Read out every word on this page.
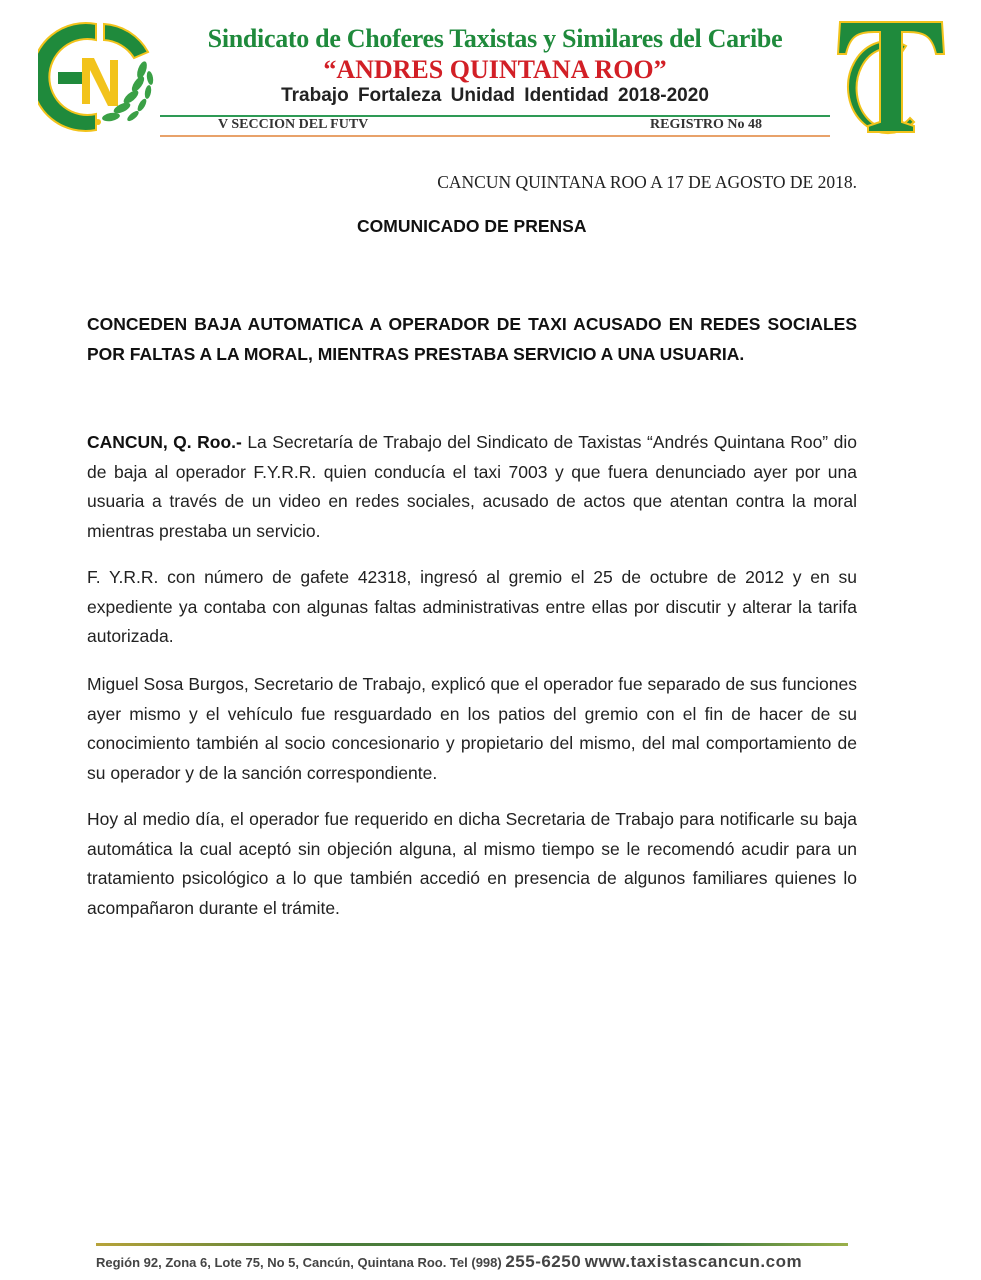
Sindicato de Choferes Taxistas y Similares del Caribe
“ANDRES QUINTANA ROO”
Trabajo Fortaleza Unidad Identidad 2018-2020
V SECCION DEL FUTV	REGISTRO No 48
CANCUN QUINTANA ROO A 17 DE AGOSTO DE 2018.
COMUNICADO DE PRENSA
CONCEDEN BAJA AUTOMATICA A OPERADOR DE TAXI ACUSADO EN REDES SOCIALES POR FALTAS A LA MORAL, MIENTRAS PRESTABA SERVICIO A UNA USUARIA.

CANCUN, Q. Roo.- La Secretaría de Trabajo del Sindicato de Taxistas “Andrés Quintana Roo” dio de baja al operador F.Y.R.R. quien conducía el taxi 7003 y que fuera denunciado ayer por una usuaria a través de un video en redes sociales, acusado de actos que atentan contra la moral mientras prestaba un servicio.

F. Y.R.R. con número de gafete 42318, ingresó al gremio el 25 de octubre de 2012 y en su expediente ya contaba con algunas faltas administrativas entre ellas por discutir y alterar la tarifa autorizada.

Miguel Sosa Burgos, Secretario de Trabajo, explicó que el operador fue separado de sus funciones ayer mismo y el vehículo fue resguardado en los patios del gremio con el fin de hacer de su conocimiento también al socio concesionario y propietario del mismo, del mal comportamiento de su operador y de la sanción correspondiente.

Hoy al medio día, el operador fue requerido en dicha Secretaria de Trabajo para notificarle su baja automática la cual aceptó sin objeción alguna, al mismo tiempo se le recomendó acudir para un tratamiento psicológico a lo que también accedió en presencia de algunos familiares quienes lo acompañaron durante el trámite.

Región 92, Zona 6, Lote 75, No 5, Cancún, Quintana Roo. Tel (998) 255-6250 www.taxistascancun.com
